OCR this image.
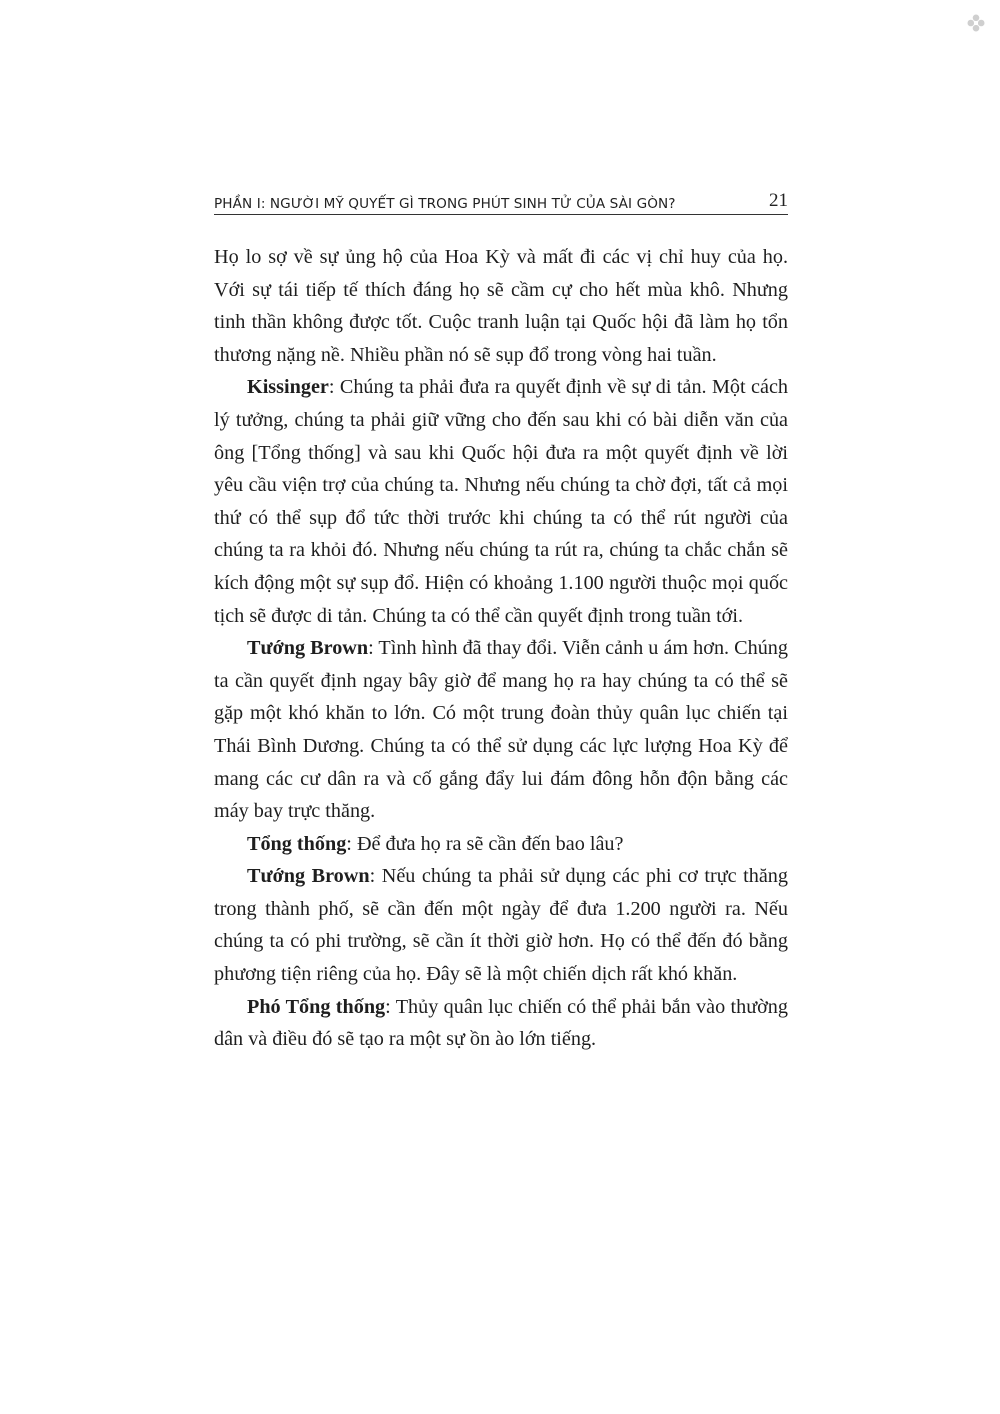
PHẦN I: NGƯỜI MỸ QUYẾT GÌ TRONG PHÚT SINH TỬ CỦA SÀI GÒN?	21

Họ lo sợ về sự ủng hộ của Hoa Kỳ và mất đi các vị chỉ huy của họ. Với sự tái tiếp tế thích đáng họ sẽ cầm cự cho hết mùa khô. Nhưng tinh thần không được tốt. Cuộc tranh luận tại Quốc hội đã làm họ tổn thương nặng nề. Nhiều phần nó sẽ sụp đổ trong vòng hai tuần.

Kissinger: Chúng ta phải đưa ra quyết định về sự di tản. Một cách lý tưởng, chúng ta phải giữ vững cho đến sau khi có bài diễn văn của ông [Tổng thống] và sau khi Quốc hội đưa ra một quyết định về lời yêu cầu viện trợ của chúng ta. Nhưng nếu chúng ta chờ đợi, tất cả mọi thứ có thể sụp đổ tức thời trước khi chúng ta có thể rút người của chúng ta ra khỏi đó. Nhưng nếu chúng ta rút ra, chúng ta chắc chắn sẽ kích động một sự sụp đổ. Hiện có khoảng 1.100 người thuộc mọi quốc tịch sẽ được di tản. Chúng ta có thể cần quyết định trong tuần tới.

Tướng Brown: Tình hình đã thay đổi. Viễn cảnh u ám hơn. Chúng ta cần quyết định ngay bây giờ để mang họ ra hay chúng ta có thể sẽ gặp một khó khăn to lớn. Có một trung đoàn thủy quân lục chiến tại Thái Bình Dương. Chúng ta có thể sử dụng các lực lượng Hoa Kỳ để mang các cư dân ra và cố gắng đẩy lui đám đông hỗn độn bằng các máy bay trực thăng.

Tổng thống: Để đưa họ ra sẽ cần đến bao lâu?

Tướng Brown: Nếu chúng ta phải sử dụng các phi cơ trực thăng trong thành phố, sẽ cần đến một ngày để đưa 1.200 người ra. Nếu chúng ta có phi trường, sẽ cần ít thời giờ hơn. Họ có thể đến đó bằng phương tiện riêng của họ. Đây sẽ là một chiến dịch rất khó khăn.

Phó Tổng thống: Thủy quân lục chiến có thể phải bắn vào thường dân và điều đó sẽ tạo ra một sự ồn ào lớn tiếng.
